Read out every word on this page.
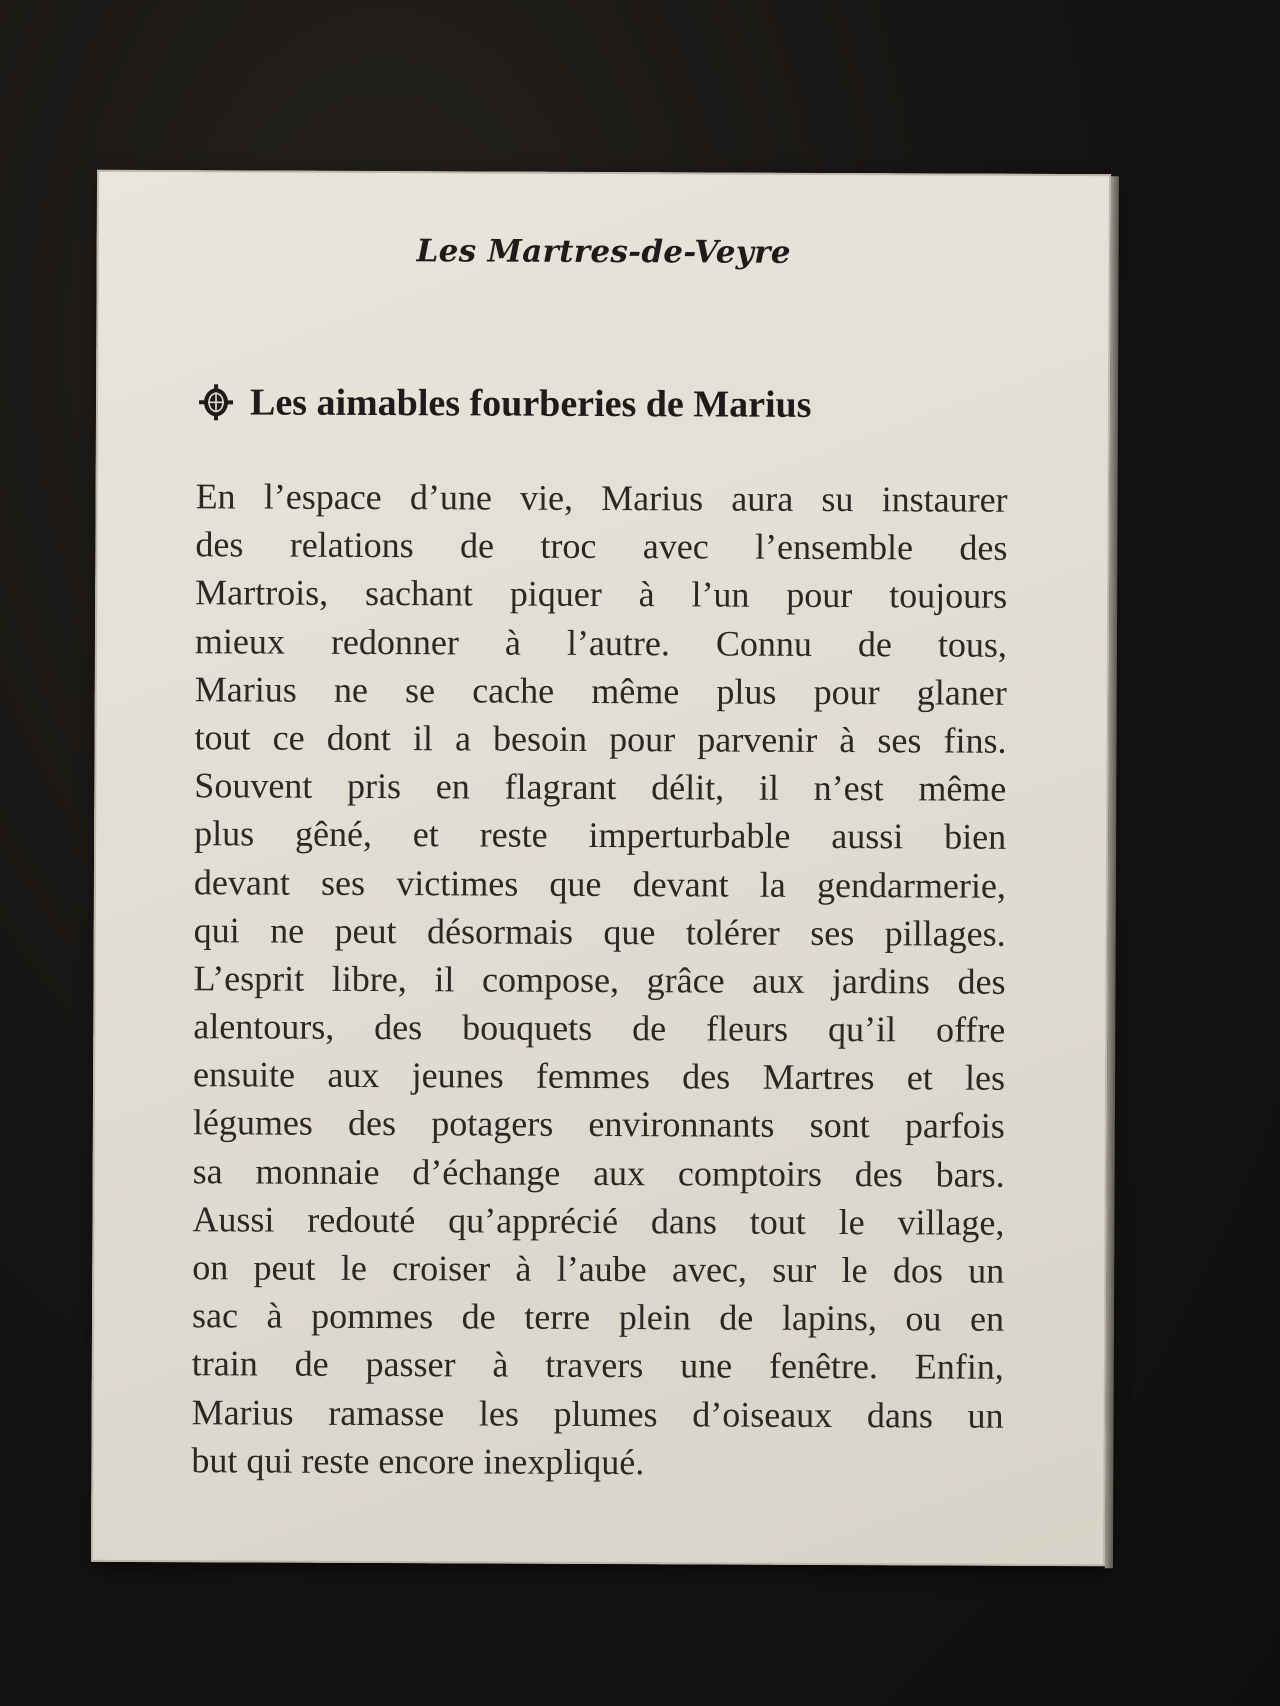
Les Martres-de-Veyre
Les aimables fourberies de Marius
En l’espace d’une vie, Marius aura su instaurer
des relations de troc avec l’ensemble des
Martrois, sachant piquer à l’un pour toujours
mieux redonner à l’autre. Connu de tous,
Marius ne se cache même plus pour glaner
tout ce dont il a besoin pour parvenir à ses fins.
Souvent pris en flagrant délit, il n’est même
plus gêné, et reste imperturbable aussi bien
devant ses victimes que devant la gendarmerie,
qui ne peut désormais que tolérer ses pillages.
L’esprit libre, il compose, grâce aux jardins des
alentours, des bouquets de fleurs qu’il offre
ensuite aux jeunes femmes des Martres et les
légumes des potagers environnants sont parfois
sa monnaie d’échange aux comptoirs des bars.
Aussi redouté qu’apprécié dans tout le village,
on peut le croiser à l’aube avec, sur le dos un
sac à pommes de terre plein de lapins, ou en
train de passer à travers une fenêtre. Enfin,
Marius ramasse les plumes d’oiseaux dans un
but qui reste encore inexpliqué.
